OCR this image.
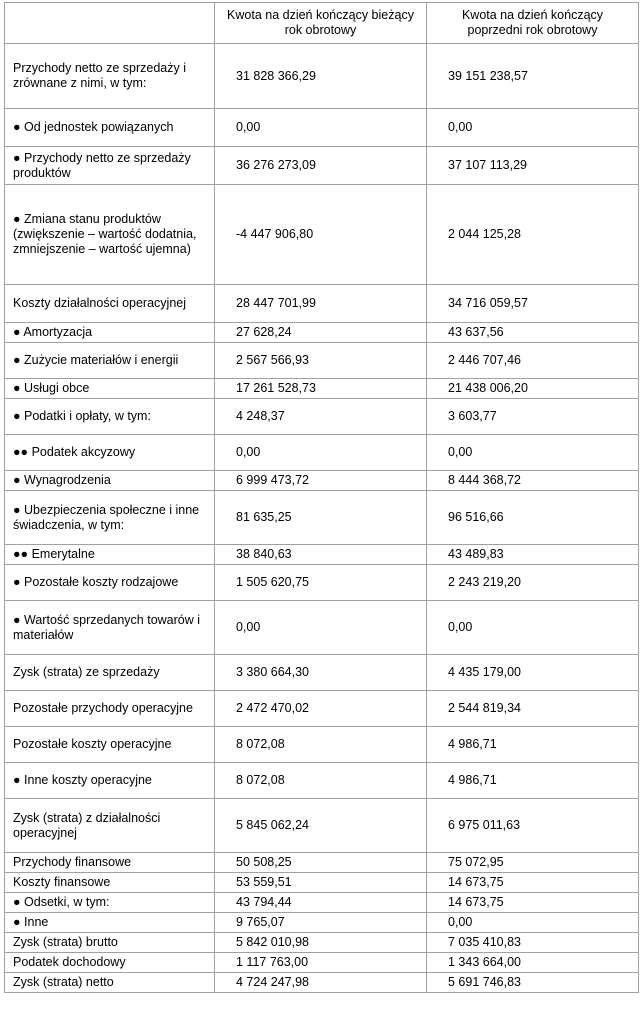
	Kwota na dzień kończący bieżący rok obrotowy	Kwota na dzień kończący poprzedni rok obrotowy
Przychody netto ze sprzedaży i zrównane z nimi, w tym:	31 828 366,29	39 151 238,57
● Od jednostek powiązanych	0,00	0,00
● Przychody netto ze sprzedaży produktów	36 276 273,09	37 107 113,29
● Zmiana stanu produktów (zwiększenie – wartość dodatnia, zmniejszenie – wartość ujemna)	-4 447 906,80	2 044 125,28
Koszty działalności operacyjnej	28 447 701,99	34 716 059,57
● Amortyzacja	27 628,24	43 637,56
● Zużycie materiałów i energii	2 567 566,93	2 446 707,46
● Usługi obce	17 261 528,73	21 438 006,20
● Podatki i opłaty, w tym:	4 248,37	3 603,77
●● Podatek akcyzowy	0,00	0,00
● Wynagrodzenia	6 999 473,72	8 444 368,72
● Ubezpieczenia społeczne i inne świadczenia, w tym:	81 635,25	96 516,66
●● Emerytalne	38 840,63	43 489,83
● Pozostałe koszty rodzajowe	1 505 620,75	2 243 219,20
● Wartość sprzedanych towarów i materiałów	0,00	0,00
Zysk (strata) ze sprzedaży	3 380 664,30	4 435 179,00
Pozostałe przychody operacyjne	2 472 470,02	2 544 819,34
Pozostałe koszty operacyjne	8 072,08	4 986,71
● Inne koszty operacyjne	8 072,08	4 986,71
Zysk (strata) z działalności operacyjnej	5 845 062,24	6 975 011,63
Przychody finansowe	50 508,25	75 072,95
Koszty finansowe	53 559,51	14 673,75
● Odsetki, w tym:	43 794,44	14 673,75
● Inne	9 765,07	0,00
Zysk (strata) brutto	5 842 010,98	7 035 410,83
Podatek dochodowy	1 117 763,00	1 343 664,00
Zysk (strata) netto	4 724 247,98	5 691 746,83
